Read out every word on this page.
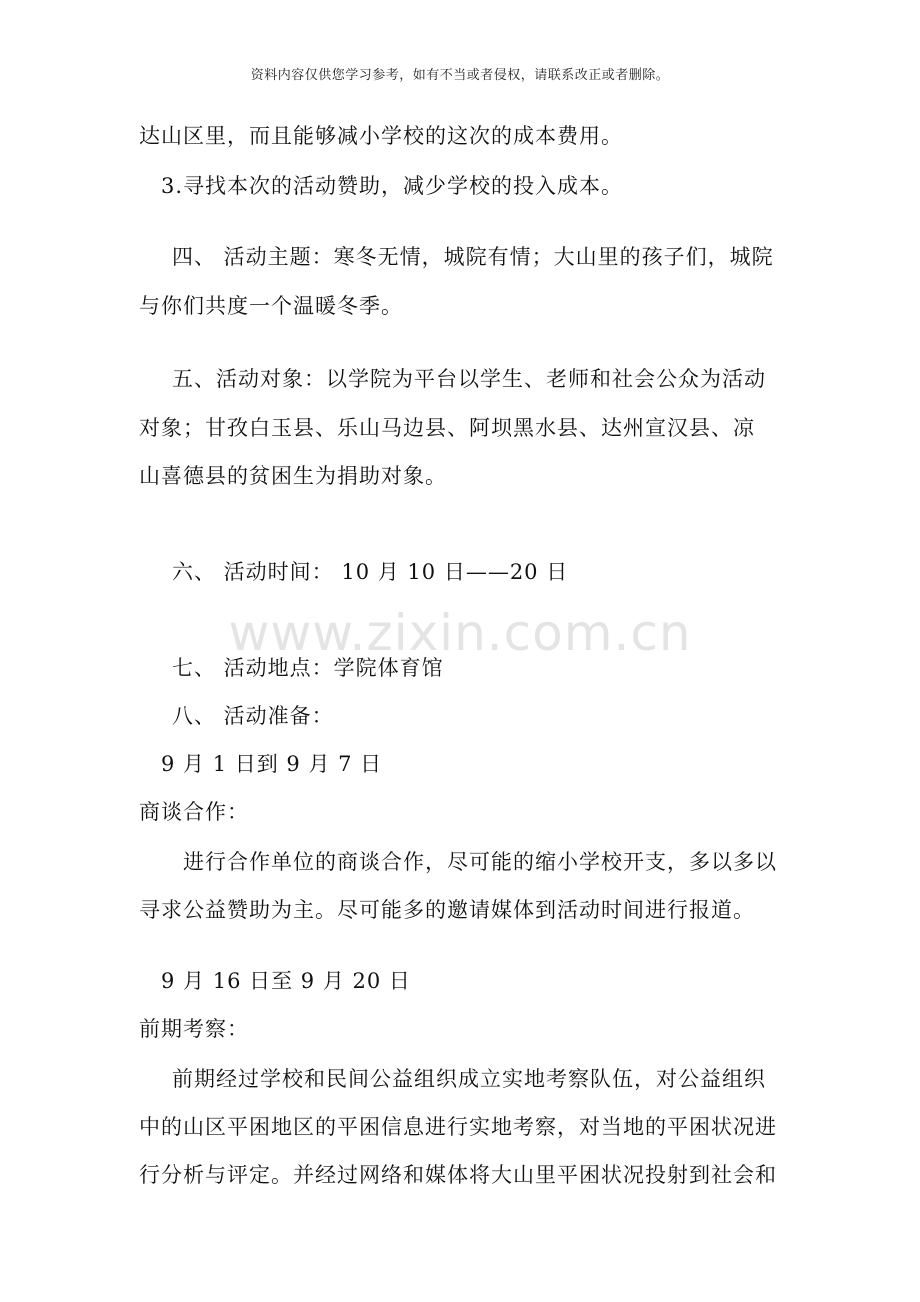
资料内容仅供您学习参考，如有不当或者侵权，请联系改正或者删除。
达山区里，而且能够减小学校的这次的成本费用。
3.寻找本次的活动赞助，减少学校的投入成本。
四、 活动主题：寒冬无情，城院有情；大山里的孩子们，城院
与你们共度一个温暖冬季。
五、活动对象：以学院为平台以学生、老师和社会公众为活动
对象；甘孜白玉县、乐山马边县、阿坝黑水县、达州宣汉县、凉
山喜德县的贫困生为捐助对象。
六、 活动时间： 10 月 10 日——20 日
七、 活动地点：学院体育馆
八、 活动准备：
9 月 1 日到 9 月 7 日
商谈合作：
进行合作单位的商谈合作，尽可能的缩小学校开支，多以多以
寻求公益赞助为主。尽可能多的邀请媒体到活动时间进行报道。
9 月 16 日至 9 月 20 日
前期考察：
前期经过学校和民间公益组织成立实地考察队伍，对公益组织
中的山区平困地区的平困信息进行实地考察，对当地的平困状况进
行分析与评定。并经过网络和媒体将大山里平困状况投射到社会和
www.zixin.com.cn
